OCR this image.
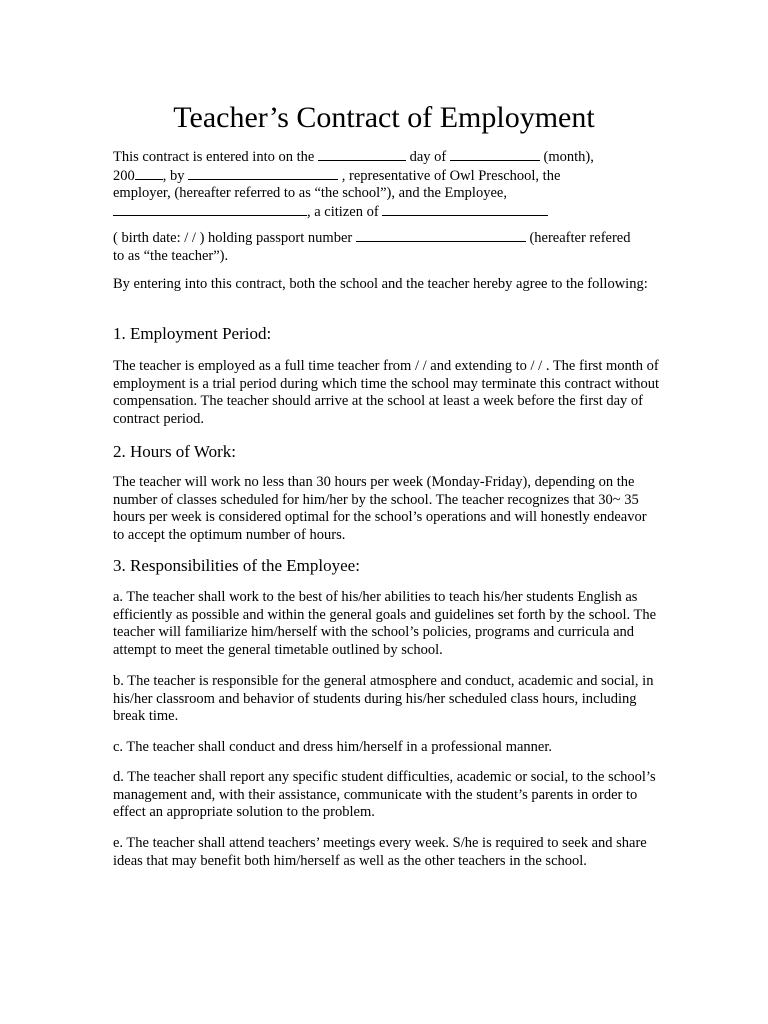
Teacher’s Contract of Employment

This contract is entered into on the	day of	(month),

200 , by	, representative of Owl Preschool, the

employer, (hereafter referred to as “the school”), and the Employee,

, a citizen of

( birth date: / / ) holding passport number	(hereafter refered

to as “the teacher”).

By entering into this contract, both the school and the teacher hereby agree to the following:
1. Employment Period:
The teacher is employed as a full time teacher from / / and extending to / / . The first month of employment is a trial period during which time the school may terminate this contract without compensation. The teacher should arrive at the school at least a week before the first day of contract period.
2. Hours of Work:
The teacher will work no less than 30 hours per week (Monday-Friday), depending on the number of classes scheduled for him/her by the school. The teacher recognizes that 30~ 35 hours per week is considered optimal for the school’s operations and will honestly endeavor to accept the optimum number of hours.
3. Responsibilities of the Employee:
a. The teacher shall work to the best of his/her abilities to teach his/her students English as efficiently as possible and within the general goals and guidelines set forth by the school. The teacher will familiarize him/herself with the school’s policies, programs and curricula and attempt to meet the general timetable outlined by school.
b. The teacher is responsible for the general atmosphere and conduct, academic and social, in his/her classroom and behavior of students during his/her scheduled class hours, including break time.
c. The teacher shall conduct and dress him/herself in a professional manner.
d. The teacher shall report any specific student difficulties, academic or social, to the school’s management and, with their assistance, communicate with the student’s parents in order to effect an appropriate solution to the problem.
e. The teacher shall attend teachers’ meetings every week. S/he is required to seek and share ideas that may benefit both him/herself as well as the other teachers in the school.
